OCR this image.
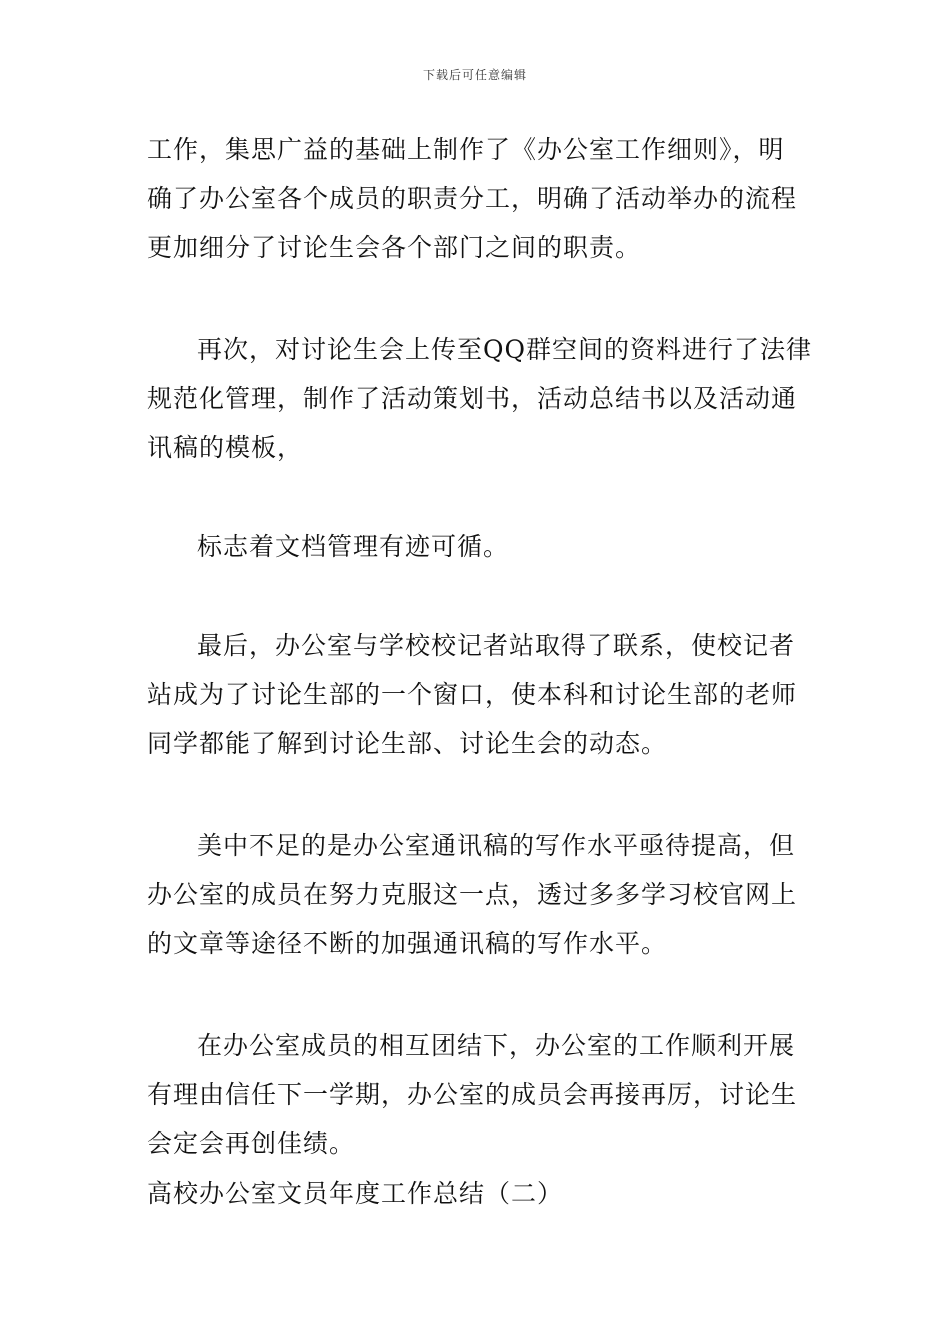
下载后可任意编辑
工作，集思广益的基础上制作了《办公室工作细则》，明
确了办公室各个成员的职责分工，明确了活动举办的流程
更加细分了讨论生会各个部门之间的职责。
再次，对讨论生会上传至QQ群空间的资料进行了法律
规范化管理，制作了活动策划书，活动总结书以及活动通
讯稿的模板，
标志着文档管理有迹可循。
最后，办公室与学校校记者站取得了联系，使校记者
站成为了讨论生部的一个窗口，使本科和讨论生部的老师
同学都能了解到讨论生部、讨论生会的动态。
美中不足的是办公室通讯稿的写作水平亟待提高，但
办公室的成员在努力克服这一点，透过多多学习校官网上
的文章等途径不断的加强通讯稿的写作水平。
在办公室成员的相互团结下，办公室的工作顺利开展
有理由信任下一学期，办公室的成员会再接再厉，讨论生
会定会再创佳绩。
高校办公室文员年度工作总结（二）
